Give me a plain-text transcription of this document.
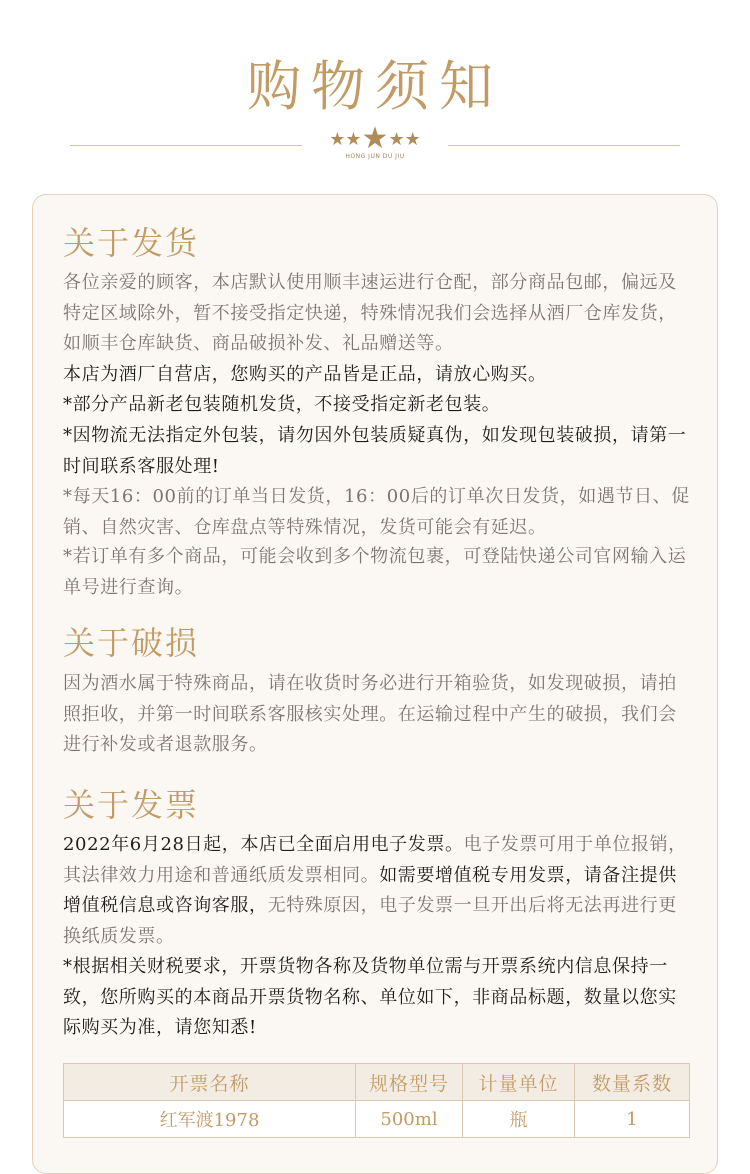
购物须知
★★★★★
HONG JUN DU JIU
关于发货
各位亲爱的顾客，本店默认使用顺丰速运进行仓配，部分商品包邮，偏远及特定区域除外，暂不接受指定快递，特殊情况我们会选择从酒厂仓库发货，如顺丰仓库缺货、商品破损补发、礼品赠送等。
本店为酒厂自营店，您购买的产品皆是正品，请放心购买。
*部分产品新老包装随机发货，不接受指定新老包装。
*因物流无法指定外包装，请勿因外包装质疑真伪，如发现包装破损，请第一时间联系客服处理!
*每天16：00前的订单当日发货，16：00后的订单次日发货，如遇节日、促销、自然灾害、仓库盘点等特殊情况，发货可能会有延迟。
*若订单有多个商品，可能会收到多个物流包裹，可登陆快递公司官网输入运单号进行查询。
关于破损
因为酒水属于特殊商品，请在收货时务必进行开箱验货，如发现破损，请拍照拒收，并第一时间联系客服核实处理。在运输过程中产生的破损，我们会进行补发或者退款服务。
关于发票
2022年6月28日起，本店已全面启用电子发票。电子发票可用于单位报销，其法律效力用途和普通纸质发票相同。如需要增值税专用发票，请备注提供增值税信息或咨询客服，无特殊原因，电子发票一旦开出后将无法再进行更换纸质发票。
*根据相关财税要求，开票货物各称及货物单位需与开票系统内信息保持一致，您所购买的本商品开票货物名称、单位如下，非商品标题，数量以您实际购买为准，请您知悉!
开票名称	规格型号	计量单位	数量系数
红军渡1978	500ml	瓶	1
